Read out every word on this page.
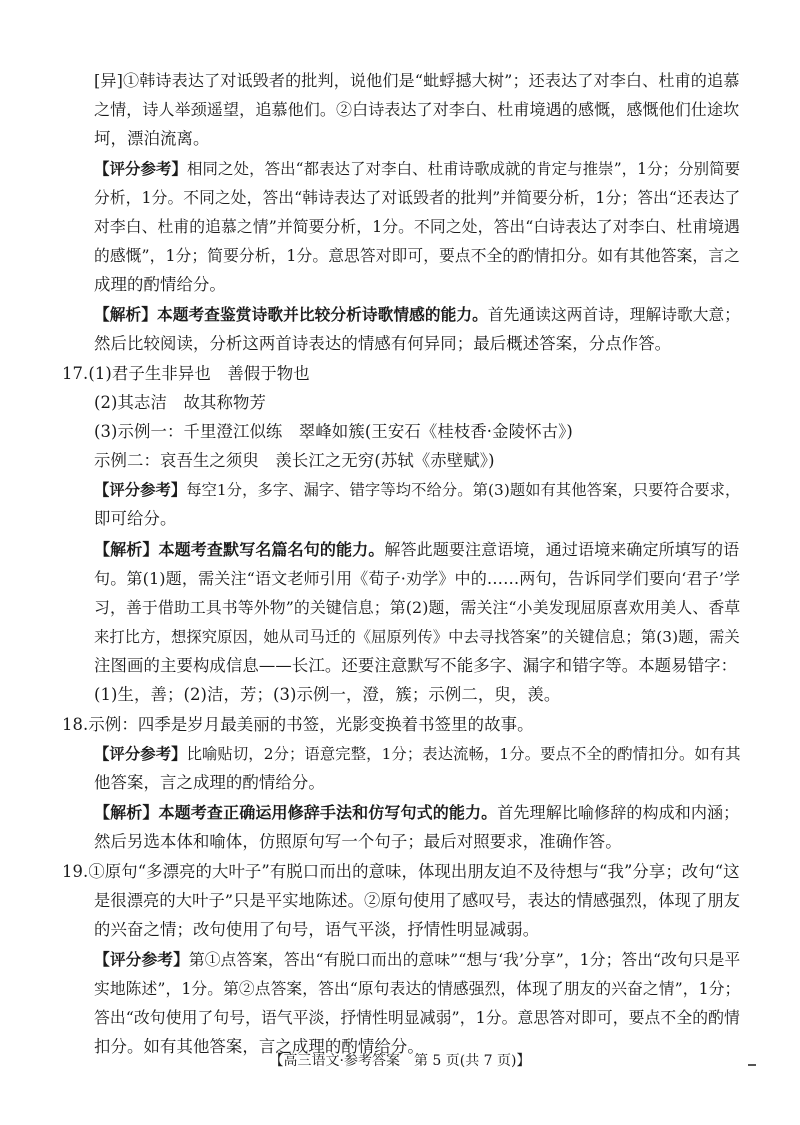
[异]①韩诗表达了对诋毁者的批判，说他们是“蚍蜉撼大树”；还表达了对李白、杜甫的追慕
之情，诗人举颈遥望，追慕他们。②白诗表达了对李白、杜甫境遇的感慨，感慨他们仕途坎
坷，漂泊流离。
【评分参考】相同之处，答出“都表达了对李白、杜甫诗歌成就的肯定与推崇”，1分；分别简要
分析，1分。不同之处，答出“韩诗表达了对诋毁者的批判”并简要分析，1分；答出“还表达了
对李白、杜甫的追慕之情”并简要分析，1分。不同之处，答出“白诗表达了对李白、杜甫境遇
的感慨”，1分；简要分析，1分。意思答对即可，要点不全的酌情扣分。如有其他答案，言之
成理的酌情给分。
【解析】本题考查鉴赏诗歌并比较分析诗歌情感的能力。首先通读这两首诗，理解诗歌大意；
然后比较阅读，分析这两首诗表达的情感有何异同；最后概述答案，分点作答。
17.(1)君子生非异也　善假于物也
(2)其志洁　故其称物芳
(3)示例一：千里澄江似练　翠峰如簇(王安石《桂枝香·金陵怀古》)
示例二：哀吾生之须臾　羡长江之无穷(苏轼《赤壁赋》)
【评分参考】每空1分，多字、漏字、错字等均不给分。第(3)题如有其他答案，只要符合要求，
即可给分。
【解析】本题考查默写名篇名句的能力。解答此题要注意语境，通过语境来确定所填写的语
句。第(1)题，需关注“语文老师引用《荀子·劝学》中的……两句，告诉同学们要向‘君子’学
习，善于借助工具书等外物”的关键信息；第(2)题，需关注“小美发现屈原喜欢用美人、香草
来打比方，想探究原因，她从司马迁的《屈原列传》中去寻找答案”的关键信息；第(3)题，需关
注图画的主要构成信息——长江。还要注意默写不能多字、漏字和错字等。本题易错字：
(1)生，善；(2)洁，芳；(3)示例一，澄，簇；示例二，臾，羡。
18.示例：四季是岁月最美丽的书签，光影变换着书签里的故事。
【评分参考】比喻贴切，2分；语意完整，1分；表达流畅，1分。要点不全的酌情扣分。如有其
他答案，言之成理的酌情给分。
【解析】本题考查正确运用修辞手法和仿写句式的能力。首先理解比喻修辞的构成和内涵；
然后另选本体和喻体，仿照原句写一个句子；最后对照要求，准确作答。
19.①原句“多漂亮的大叶子”有脱口而出的意味，体现出朋友迫不及待想与“我”分享；改句“这
是很漂亮的大叶子”只是平实地陈述。②原句使用了感叹号，表达的情感强烈，体现了朋友
的兴奋之情；改句使用了句号，语气平淡，抒情性明显减弱。
【评分参考】第①点答案，答出“有脱口而出的意味”“想与‘我’分享”，1分；答出“改句只是平
实地陈述”，1分。第②点答案，答出“原句表达的情感强烈，体现了朋友的兴奋之情”，1分；
答出“改句使用了句号，语气平淡，抒情性明显减弱”，1分。意思答对即可，要点不全的酌情
扣分。如有其他答案，言之成理的酌情给分。
【高三语文·参考答案　第 5 页(共 7 页)】
